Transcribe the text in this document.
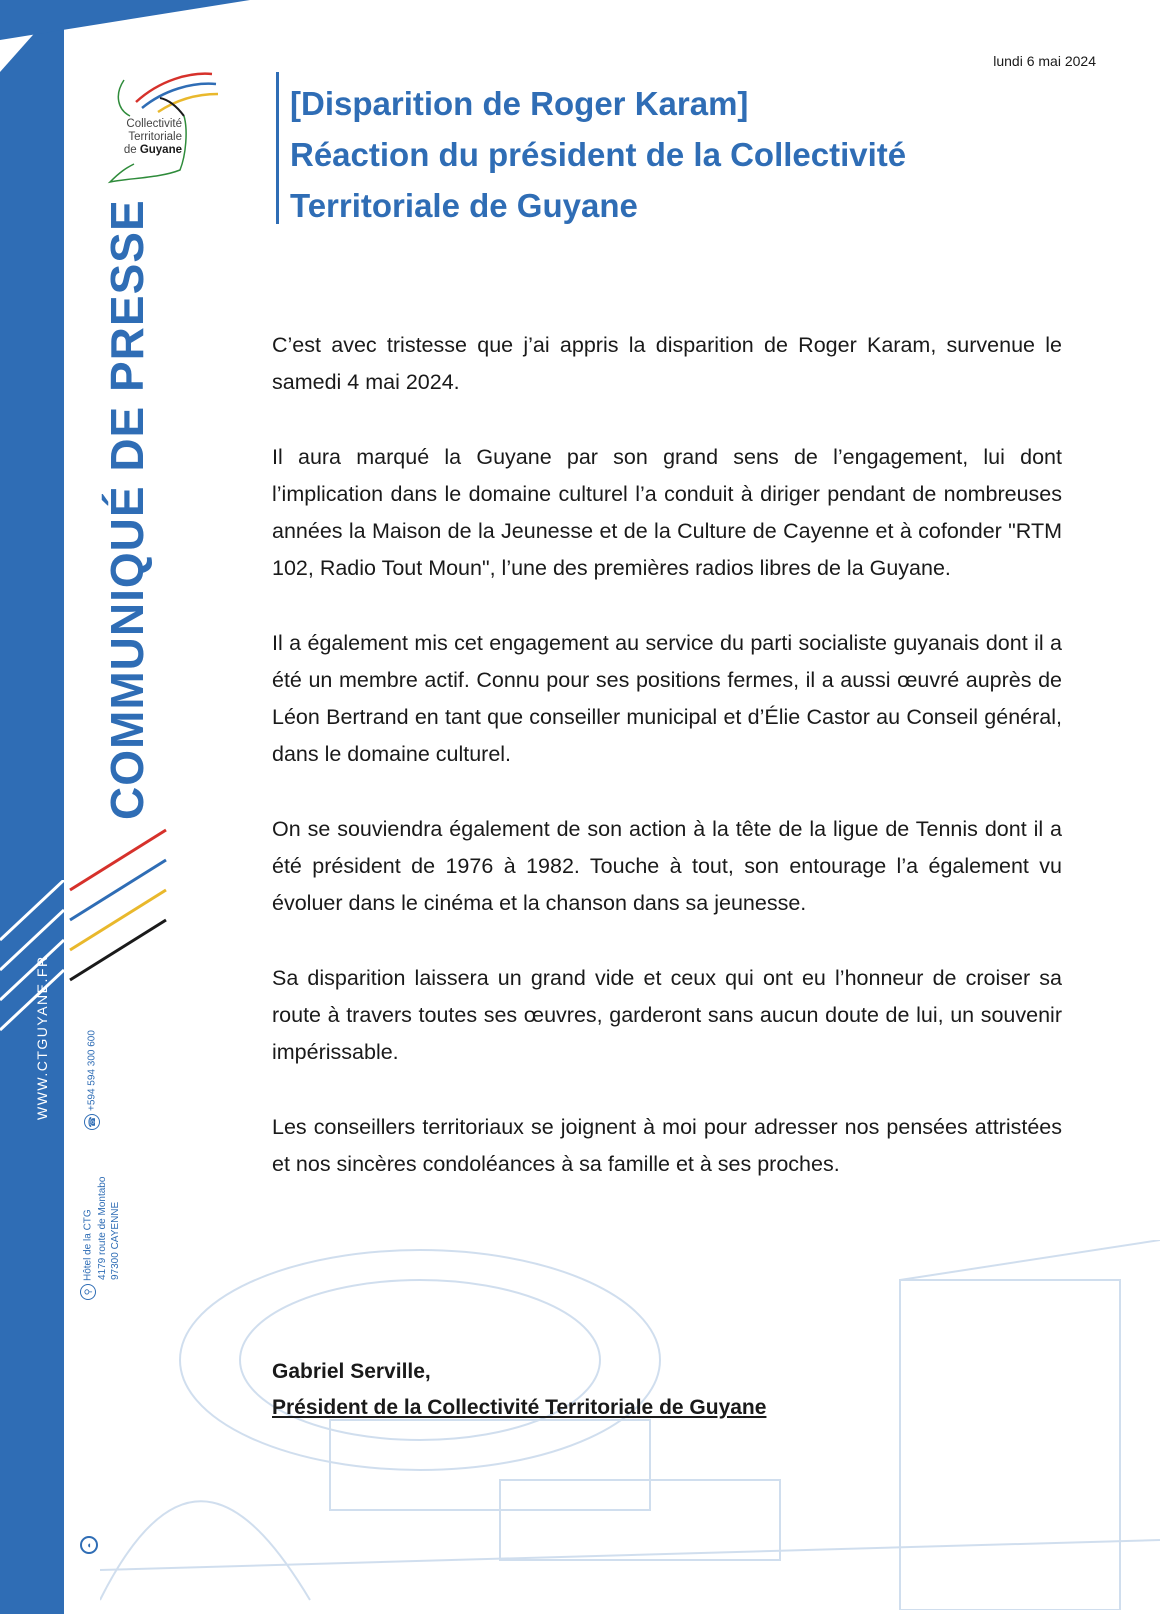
WWW.CTGUYANE.FR
Collectivité
Territoriale
de Guyane
COMMUNIQUÉ DE PRESSE
☎+594 594 300 600
⚲Hôtel de la CTG 4179 route de Montabo 97300 CAYENNE
◖
lundi 6 mai 2024
[Disparition de Roger Karam]
Réaction du président de la Collectivité
Territoriale de Guyane

C’est avec tristesse que j’ai appris la disparition de Roger Karam, survenue le samedi 4 mai 2024.

Il aura marqué la Guyane par son grand sens de l’engagement, lui dont l’implication dans le domaine culturel l’a conduit à diriger pendant de nombreuses années la Maison de la Jeunesse et de la Culture de Cayenne et à cofonder "RTM 102, Radio Tout Moun", l’une des premières radios libres de la Guyane.

Il a également mis cet engagement au service du parti socialiste guyanais dont il a été un membre actif. Connu pour ses positions fermes, il a aussi œuvré auprès de Léon Bertrand en tant que conseiller municipal et d’Élie Castor au Conseil général, dans le domaine culturel.

On se souviendra également de son action à la tête de la ligue de Tennis dont il a été président de 1976 à 1982. Touche à tout, son entourage l’a également vu évoluer dans le cinéma et la chanson dans sa jeunesse.

Sa disparition laissera un grand vide et ceux qui ont eu l’honneur de croiser sa route à travers toutes ses œuvres, garderont sans aucun doute de lui, un souvenir impérissable.

Les conseillers territoriaux se joignent à moi pour adresser nos pensées attristées et nos sincères condoléances à sa famille et à ses proches.

Gabriel Serville,
Président de la Collectivité Territoriale de Guyane
